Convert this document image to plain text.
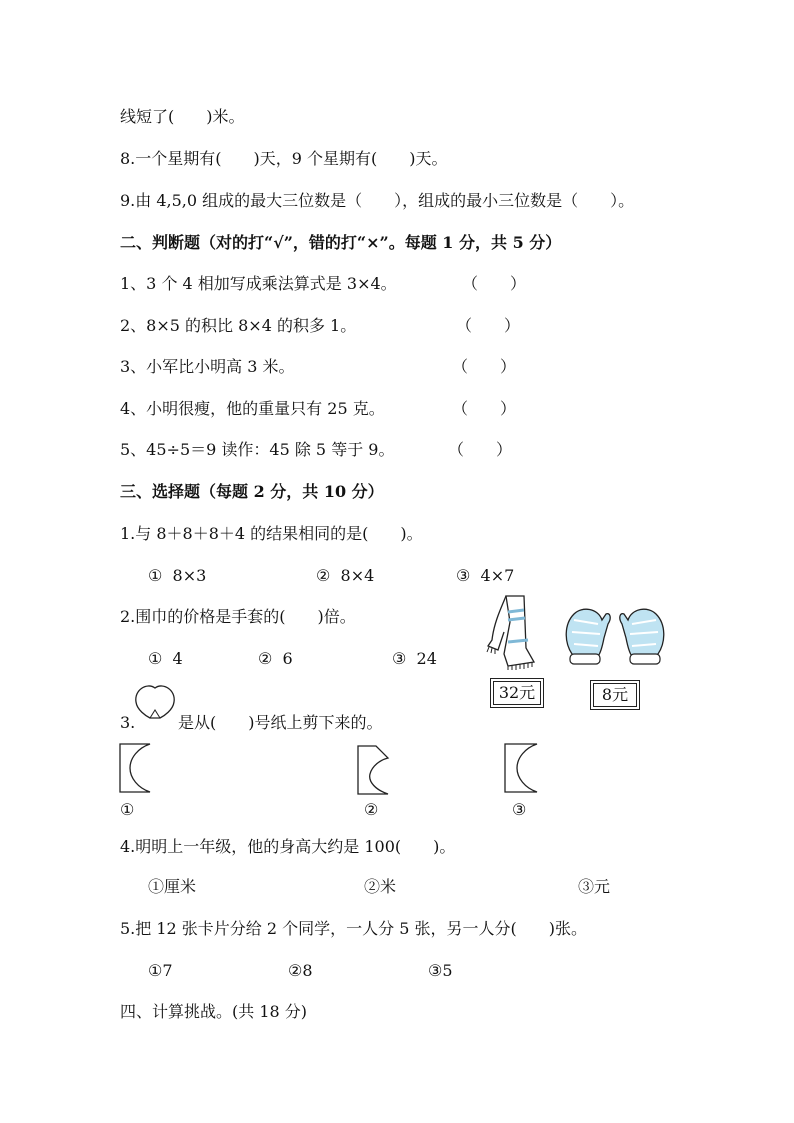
线短了(　　)米。
8.一个星期有(　　)天，9 个星期有(　　)天。
9.由 4,5,0 组成的最大三位数是（　　），组成的最小三位数是（　　）。
二、判断题（对的打“√”，错的打“×”。每题 1 分，共 5 分）
1、3 个 4 相加写成乘法算式是 3×4。	（　　）
2、8×5 的积比 8×4 的积多 1。	（　　）
3、小军比小明高 3 米。	（　　）
4、小明很瘦，他的重量只有 25 克。	（　　）
5、45÷5＝9 读作：45 除 5 等于 9。	（　　）
三、选择题（每题 2 分，共 10 分）
1.与 8＋8＋8＋4 的结果相同的是(　　)。
①  8×3	②  8×4	③  4×7
2.围巾的价格是手套的(　　)倍。
①  4	②  6	③  24
32元	8元
3.	是从(　　)号纸上剪下来的。
①	②	③
4.明明上一年级，他的身高大约是 100(　　)。
①厘米	②米	③元
5.把 12 张卡片分给 2 个同学，一人分 5 张，另一人分(　　)张。
①7	②8	③5
四、计算挑战。(共 18 分)
